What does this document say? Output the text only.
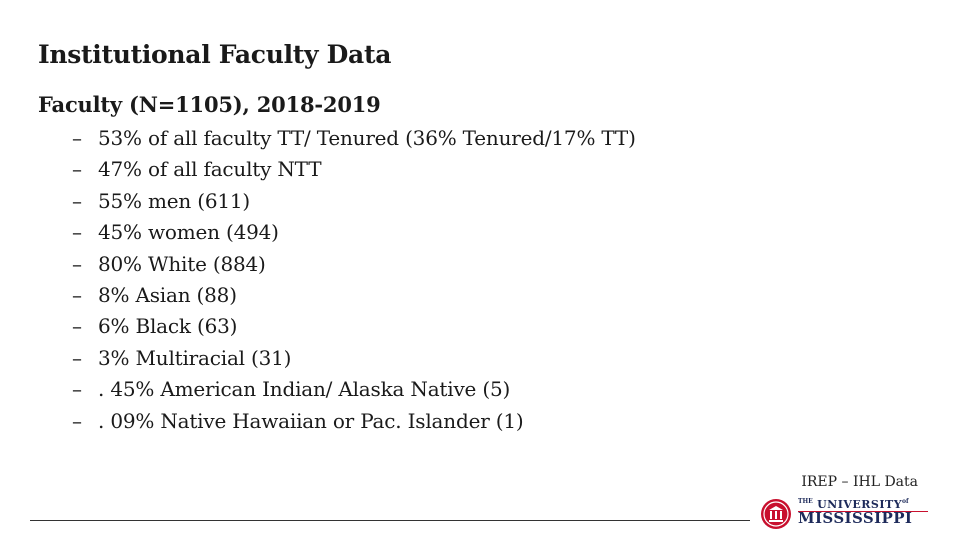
Institutional Faculty Data
Faculty (N=1105), 2018-2019
– 53% of all faculty TT/ Tenured (36% Tenured/17% TT)
– 47% of all faculty NTT
– 55% men (611)
– 45% women (494)
– 80% White (884)
– 8% Asian (88)
– 6% Black (63)
– 3% Multiracial (31)
– . 45% American Indian/ Alaska Native (5)
– . 09% Native Hawaiian or Pac. Islander (1)
IREP – IHL Data
$^{THE}$ $UNIVERSITY^{of}$
MISSISSIPPI
